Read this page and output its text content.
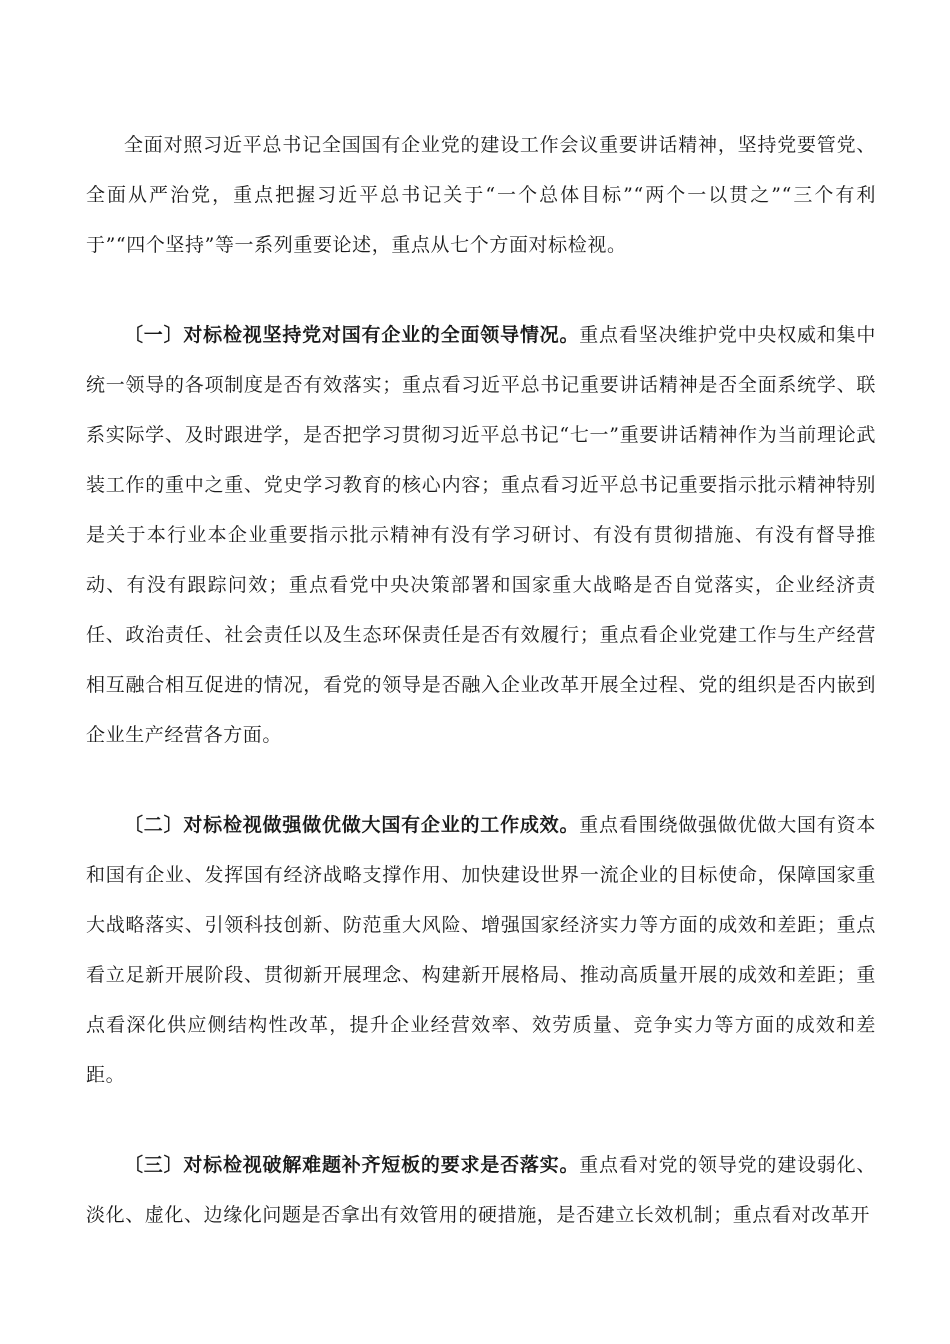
全面对照习近平总书记全国国有企业党的建设工作会议重要讲话精神，坚持党要管党、全面从严治党，重点把握习近平总书记关于“一个总体目标”“两个一以贯之”“三个有利于”“四个坚持”等一系列重要论述，重点从七个方面对标检视。

〔一〕对标检视坚持党对国有企业的全面领导情况。重点看坚决维护党中央权威和集中统一领导的各项制度是否有效落实；重点看习近平总书记重要讲话精神是否全面系统学、联系实际学、及时跟进学，是否把学习贯彻习近平总书记“七一”重要讲话精神作为当前理论武装工作的重中之重、党史学习教育的核心内容；重点看习近平总书记重要指示批示精神特别是关于本行业本企业重要指示批示精神有没有学习研讨、有没有贯彻措施、有没有督导推动、有没有跟踪问效；重点看党中央决策部署和国家重大战略是否自觉落实，企业经济责任、政治责任、社会责任以及生态环保责任是否有效履行；重点看企业党建工作与生产经营相互融合相互促进的情况，看党的领导是否融入企业改革开展全过程、党的组织是否内嵌到企业生产经营各方面。

〔二〕对标检视做强做优做大国有企业的工作成效。重点看围绕做强做优做大国有资本和国有企业、发挥国有经济战略支撑作用、加快建设世界一流企业的目标使命，保障国家重大战略落实、引领科技创新、防范重大风险、增强国家经济实力等方面的成效和差距；重点看立足新开展阶段、贯彻新开展理念、构建新开展格局、推动高质量开展的成效和差距；重点看深化供应侧结构性改革，提升企业经营效率、效劳质量、竞争实力等方面的成效和差距。

〔三〕对标检视破解难题补齐短板的要求是否落实。重点看对党的领导党的建设弱化、淡化、虚化、边缘化问题是否拿出有效管用的硬措施，是否建立长效机制；重点看对改革开
